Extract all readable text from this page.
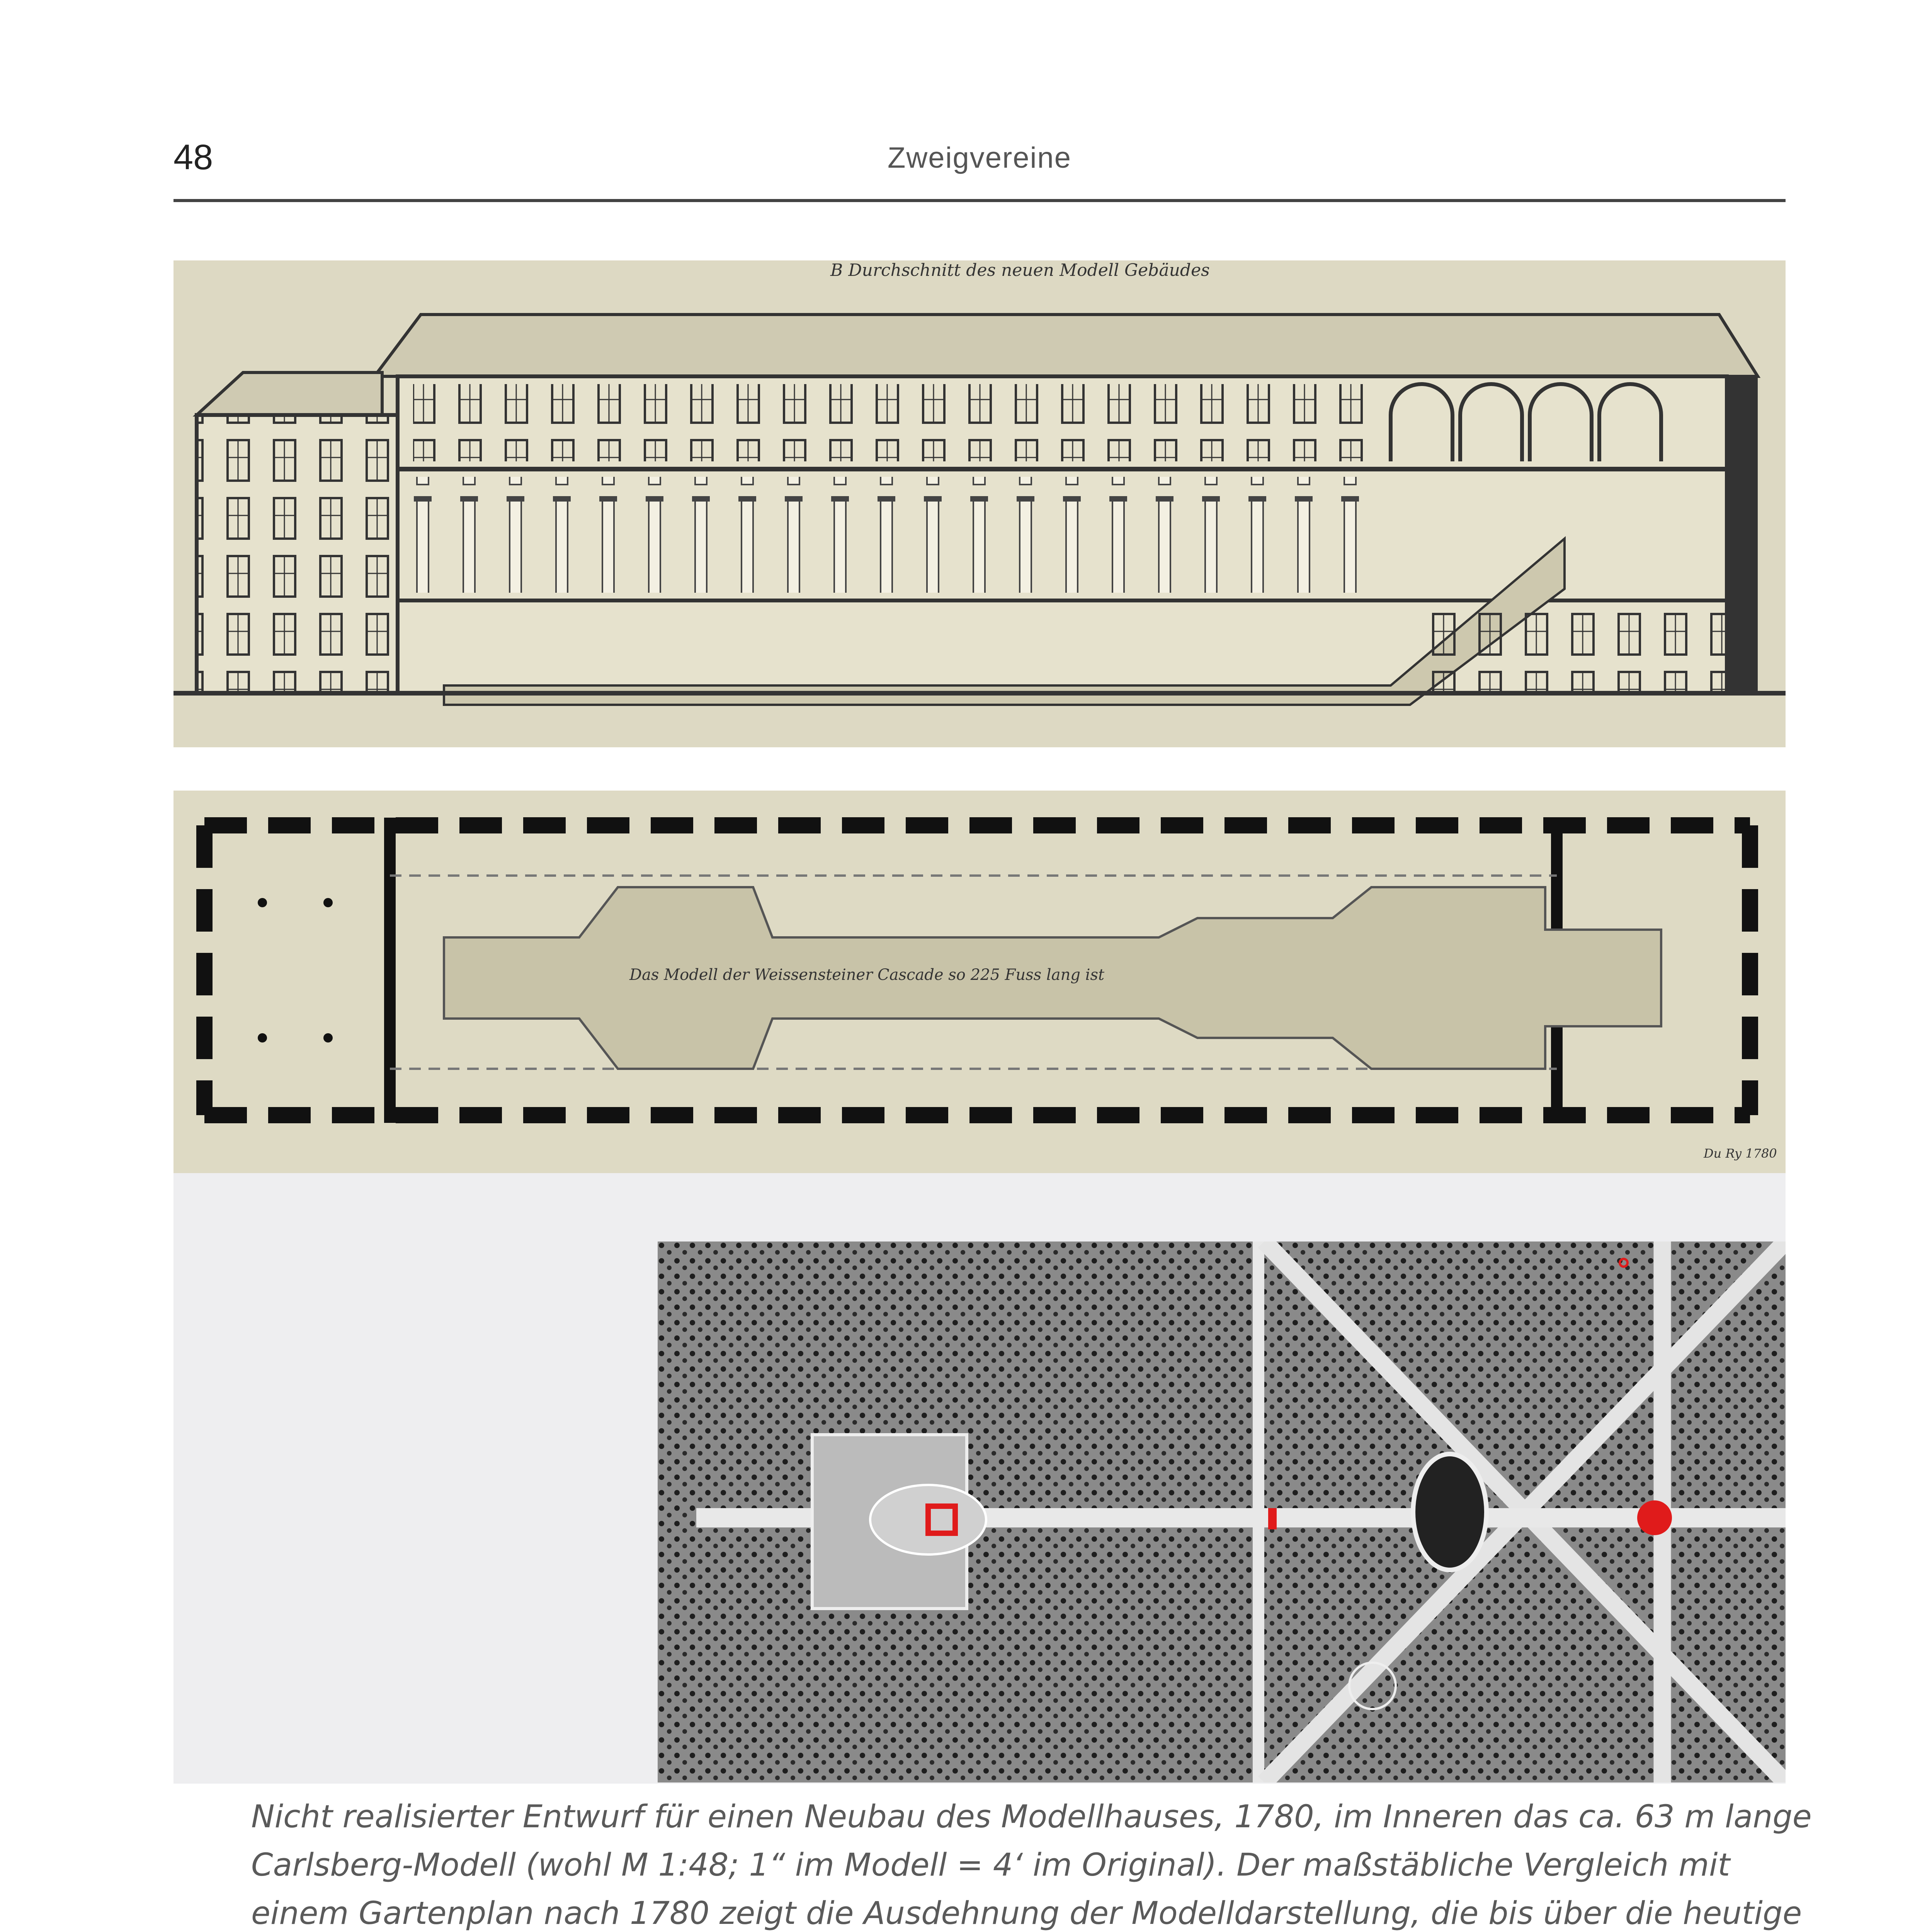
48	Zweigvereine
B Durchschnitt des neuen Modell Gebäudes
Das Modell der Weissensteiner Cascade so 225 Fuss lang ist
Du Ry 1780
Nicht realisierter Entwurf für einen Neubau des Modellhauses, 1780, im Inneren das ca. 63 m lange
Carlsberg-Modell (wohl M 1:48; 1“ im Modell = 4‘ im Original). Der maßstäbliche Vergleich mit
einem Gartenplan nach 1780 zeigt die Ausdehnung der Modelldarstellung, die bis über die heutige
